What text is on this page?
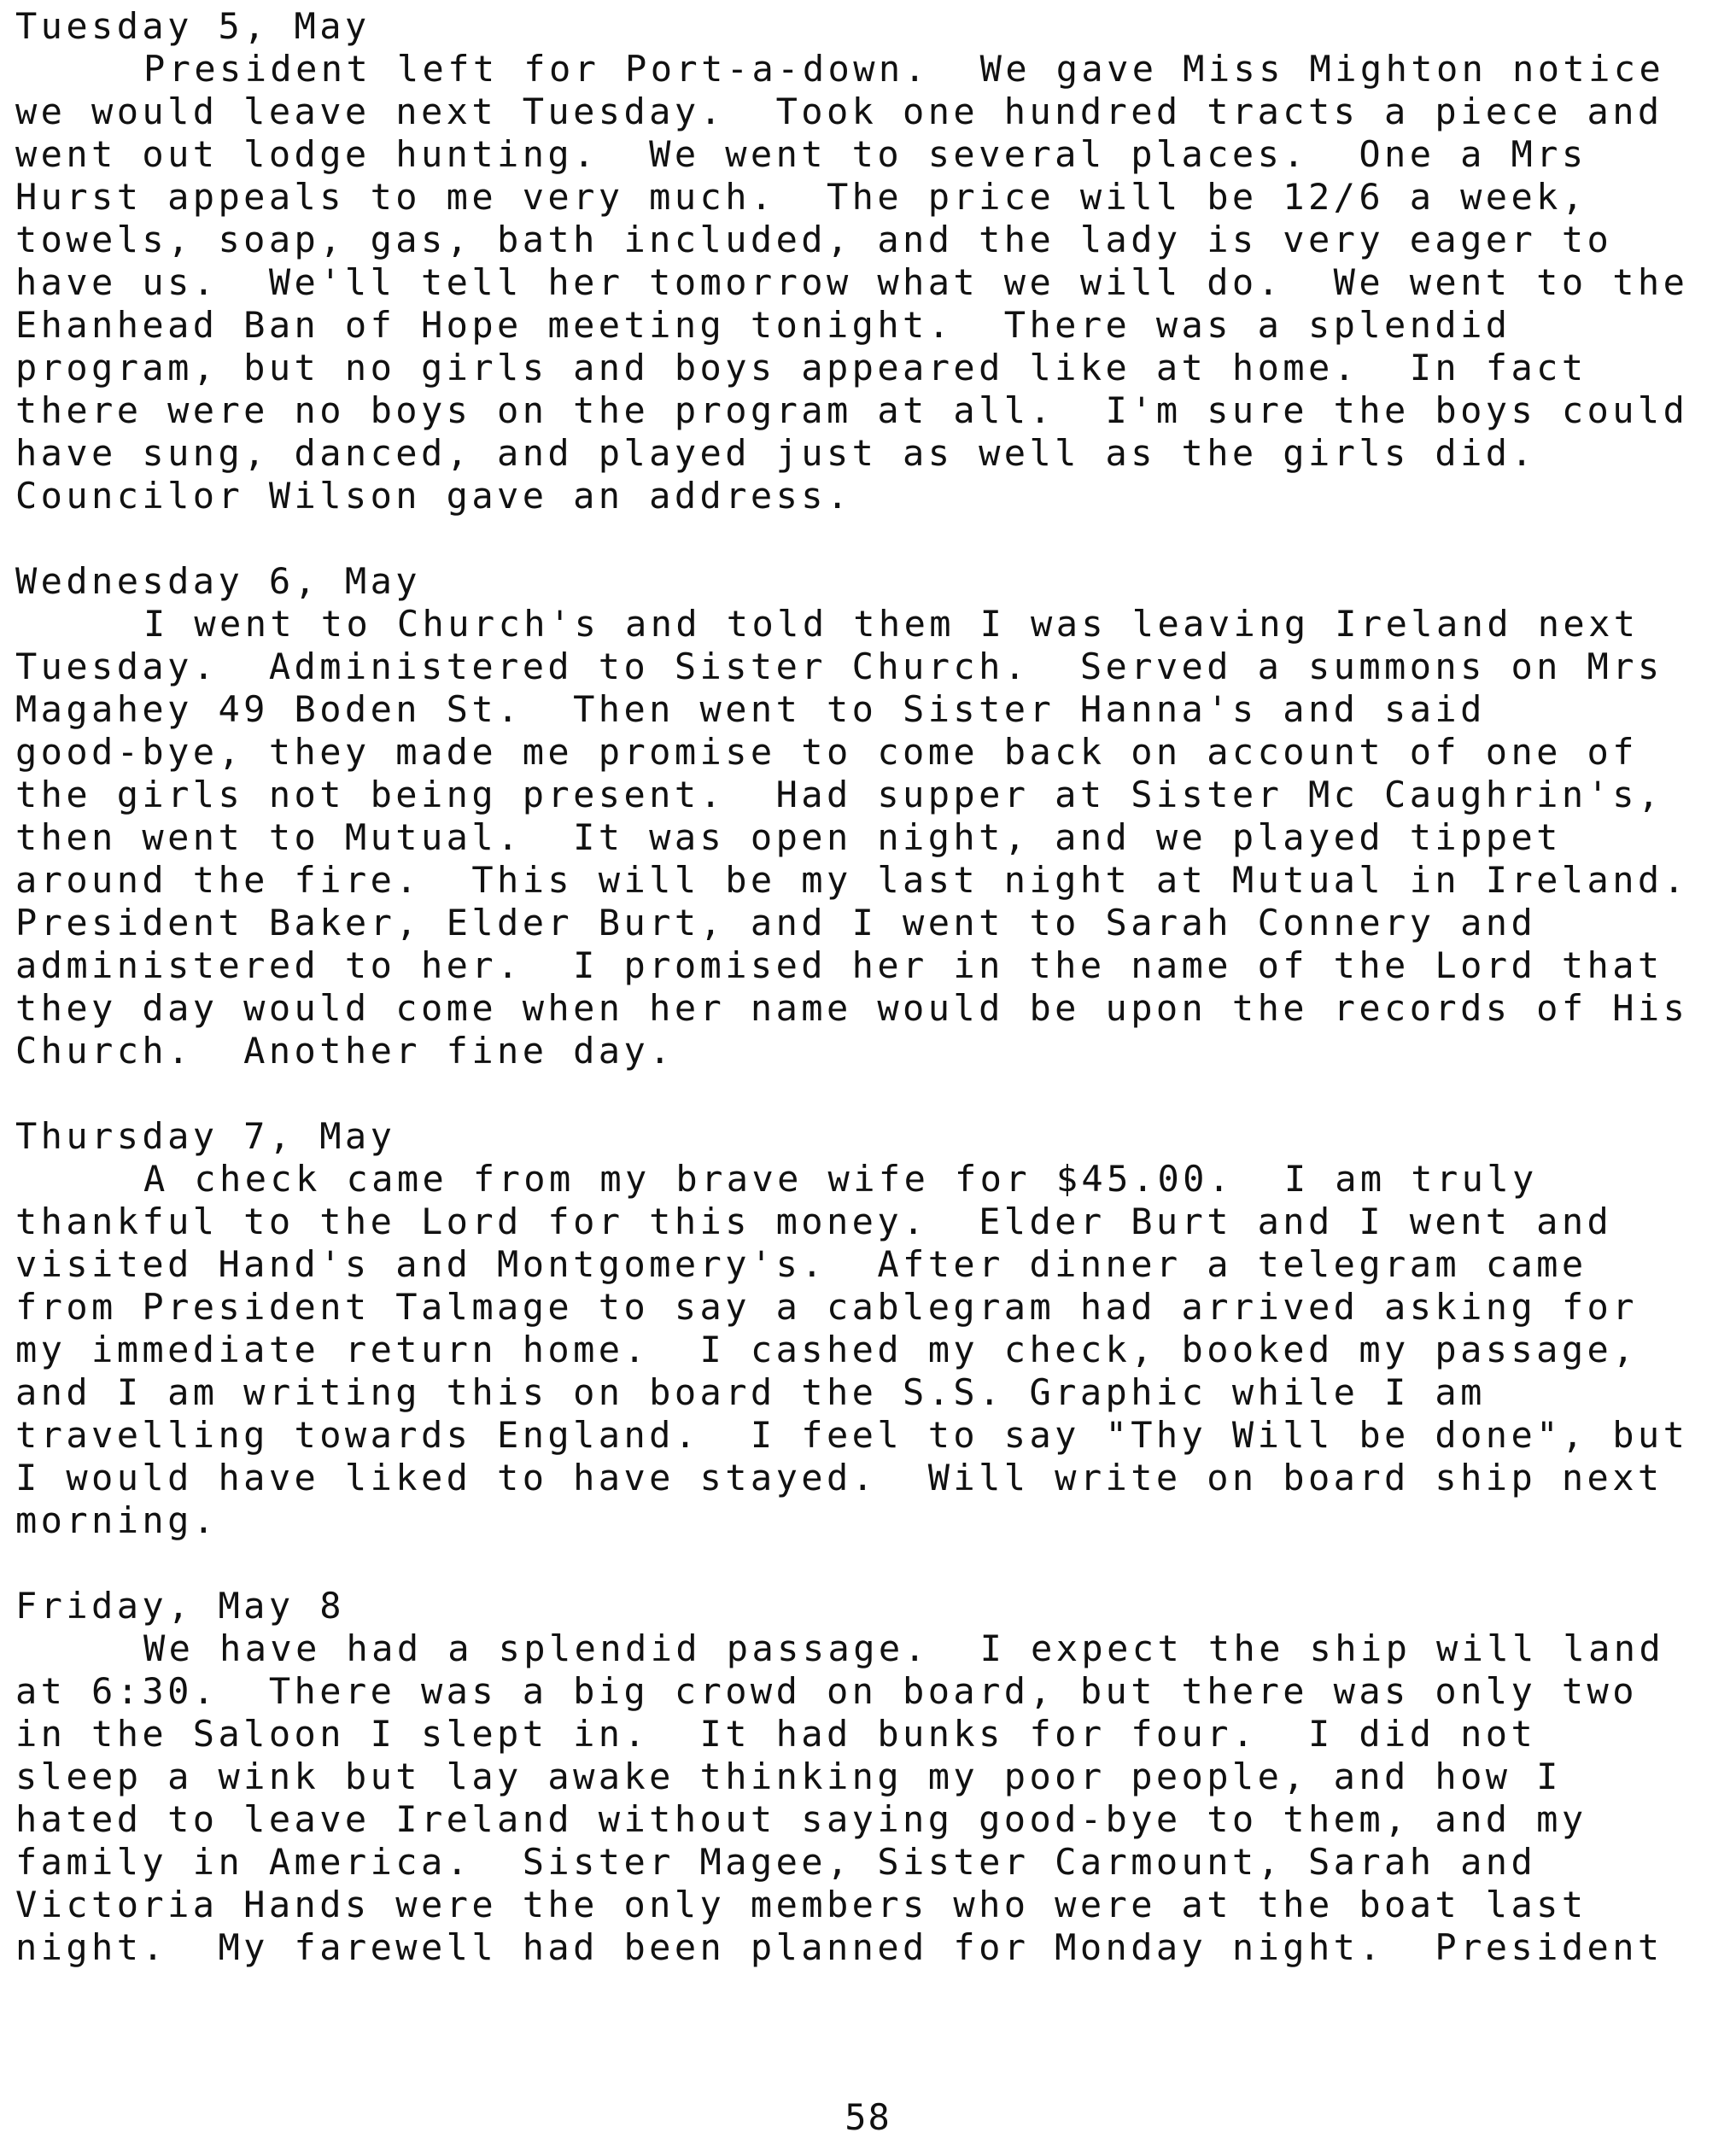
Tuesday 5, May
President left for Port-a-down.  We gave Miss Mighton notice
we would leave next Tuesday.  Took one hundred tracts a piece and
went out lodge hunting.  We went to several places.  One a Mrs
Hurst appeals to me very much.  The price will be 12/6 a week,
towels, soap, gas, bath included, and the lady is very eager to
have us.  We'll tell her tomorrow what we will do.  We went to the
Ehanhead Ban of Hope meeting tonight.  There was a splendid
program, but no girls and boys appeared like at home.  In fact
there were no boys on the program at all.  I'm sure the boys could
have sung, danced, and played just as well as the girls did.
Councilor Wilson gave an address.
Wednesday 6, May
I went to Church's and told them I was leaving Ireland next
Tuesday.  Administered to Sister Church.  Served a summons on Mrs
Magahey 49 Boden St.  Then went to Sister Hanna's and said
good-bye, they made me promise to come back on account of one of
the girls not being present.  Had supper at Sister Mc Caughrin's,
then went to Mutual.  It was open night, and we played tippet
around the fire.  This will be my last night at Mutual in Ireland.
President Baker, Elder Burt, and I went to Sarah Connery and
administered to her.  I promised her in the name of the Lord that
they day would come when her name would be upon the records of His
Church.  Another fine day.
Thursday 7, May
A check came from my brave wife for $45.00.  I am truly
thankful to the Lord for this money.  Elder Burt and I went and
visited Hand's and Montgomery's.  After dinner a telegram came
from President Talmage to say a cablegram had arrived asking for
my immediate return home.  I cashed my check, booked my passage,
and I am writing this on board the S.S. Graphic while I am
travelling towards England.  I feel to say "Thy Will be done", but
I would have liked to have stayed.  Will write on board ship next
morning.
Friday, May 8
We have had a splendid passage.  I expect the ship will land
at 6:30.  There was a big crowd on board, but there was only two
in the Saloon I slept in.  It had bunks for four.  I did not
sleep a wink but lay awake thinking my poor people, and how I
hated to leave Ireland without saying good-bye to them, and my
family in America.  Sister Magee, Sister Carmount, Sarah and
Victoria Hands were the only members who were at the boat last
night.  My farewell had been planned for Monday night.  President
58
